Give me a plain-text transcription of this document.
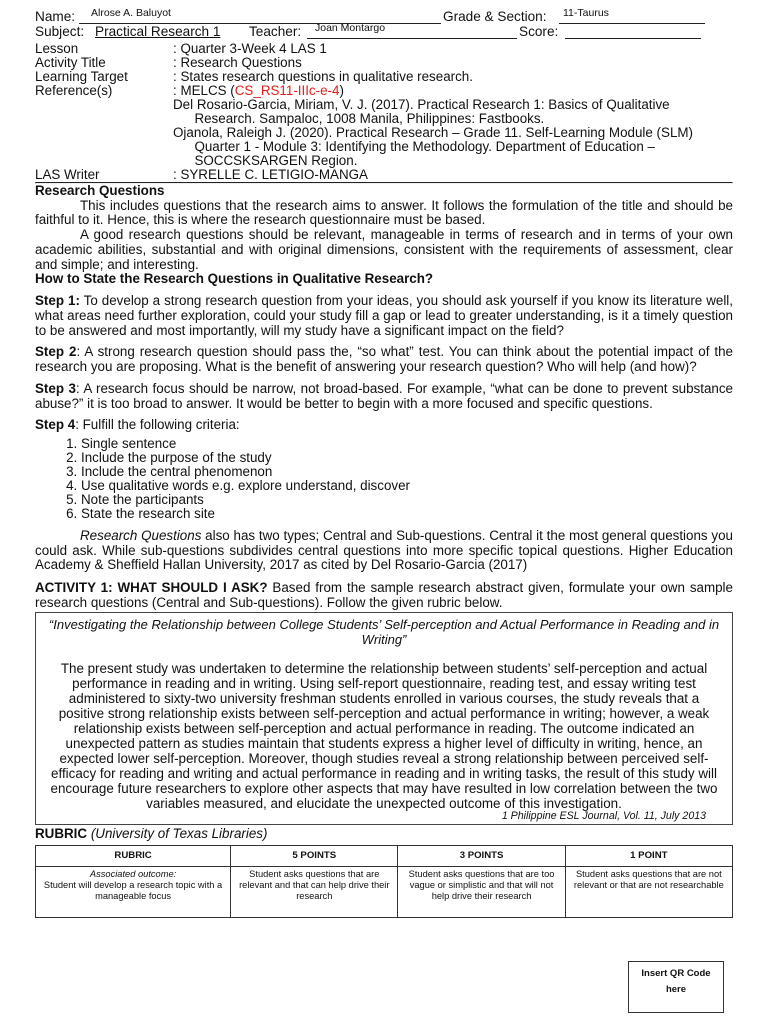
Name: Alrose A. Baluyot	Grade & Section: 11-Taurus
Subject: Practical Research 1 Teacher: Joan Montargo	Score:
Lesson	: Quarter 3-Week 4 LAS 1
Activity Title	: Research Questions
Learning Target	: States research questions in qualitative research.
Reference(s)	: MELCS (CS_RS11-IIIc-e-4)
Del Rosario-Garcia, Miriam, V. J. (2017). Practical Research 1: Basics of Qualitative Research. Sampaloc, 1008 Manila, Philippines: Fastbooks.
Ojanola, Raleigh J. (2020). Practical Research – Grade 11. Self-Learning Module (SLM) Quarter 1 - Module 3: Identifying the Methodology. Department of Education – SOCCSKSARGEN Region.
LAS Writer	: SYRELLE C. LETIGIO-MANGA
Research Questions

This includes questions that the research aims to answer. It follows the formulation of the title and should be faithful to it. Hence, this is where the research questionnaire must be based.

A good research questions should be relevant, manageable in terms of research and in terms of your own academic abilities, substantial and with original dimensions, consistent with the requirements of assessment, clear and simple; and interesting.

How to State the Research Questions in Qualitative Research?

Step 1: To develop a strong research question from your ideas, you should ask yourself if you know its literature well, what areas need further exploration, could your study fill a gap or lead to greater understanding, is it a timely question to be answered and most importantly, will my study have a significant impact on the field?

Step 2: A strong research question should pass the, “so what” test. You can think about the potential impact of the research you are proposing. What is the benefit of answering your research question? Who will help (and how)?

Step 3: A research focus should be narrow, not broad-based. For example, “what can be done to prevent substance abuse?” it is too broad to answer. It would be better to begin with a more focused and specific questions.

Step 4: Fulfill the following criteria:

1. Single sentence
2. Include the purpose of the study
3. Include the central phenomenon
4. Use qualitative words e.g. explore understand, discover
5. Note the participants
6. State the research site

Research Questions also has two types; Central and Sub-questions. Central it the most general questions you could ask. While sub-questions subdivides central questions into more specific topical questions. Higher Education Academy & Sheffield Hallan University, 2017 as cited by Del Rosario-Garcia (2017)

ACTIVITY 1: WHAT SHOULD I ASK? Based from the sample research abstract given, formulate your own sample research questions (Central and Sub-questions). Follow the given rubric below.

“Investigating the Relationship between College Students’ Self-perception and Actual Performance in Reading and in Writing”
The present study was undertaken to determine the relationship between students’ self-perception and actual performance in reading and in writing. Using self-report questionnaire, reading test, and essay writing test administered to sixty-two university freshman students enrolled in various courses, the study reveals that a positive strong relationship exists between self-perception and actual performance in writing; however, a weak relationship exists between self-perception and actual performance in reading. The outcome indicated an unexpected pattern as studies maintain that students express a higher level of difficulty in writing, hence, an expected lower self-perception. Moreover, though studies reveal a strong relationship between perceived self-efficacy for reading and writing and actual performance in reading and in writing tasks, the result of this study will encourage future researchers to explore other aspects that may have resulted in low correlation between the two variables measured, and elucidate the unexpected outcome of this investigation.
1 Philippine ESL Journal, Vol. 11, July 2013
RUBRIC (University of Texas Libraries)
RUBRIC	5 POINTS	3 POINTS	1 POINT
Associated outcome:
Student will develop a research topic with a manageable focus	Student asks questions that are relevant and that can help drive their research	Student asks questions that are too vague or simplistic and that will not help drive their research	Student asks questions that are not relevant or that are not researchable
Insert QR Code here
